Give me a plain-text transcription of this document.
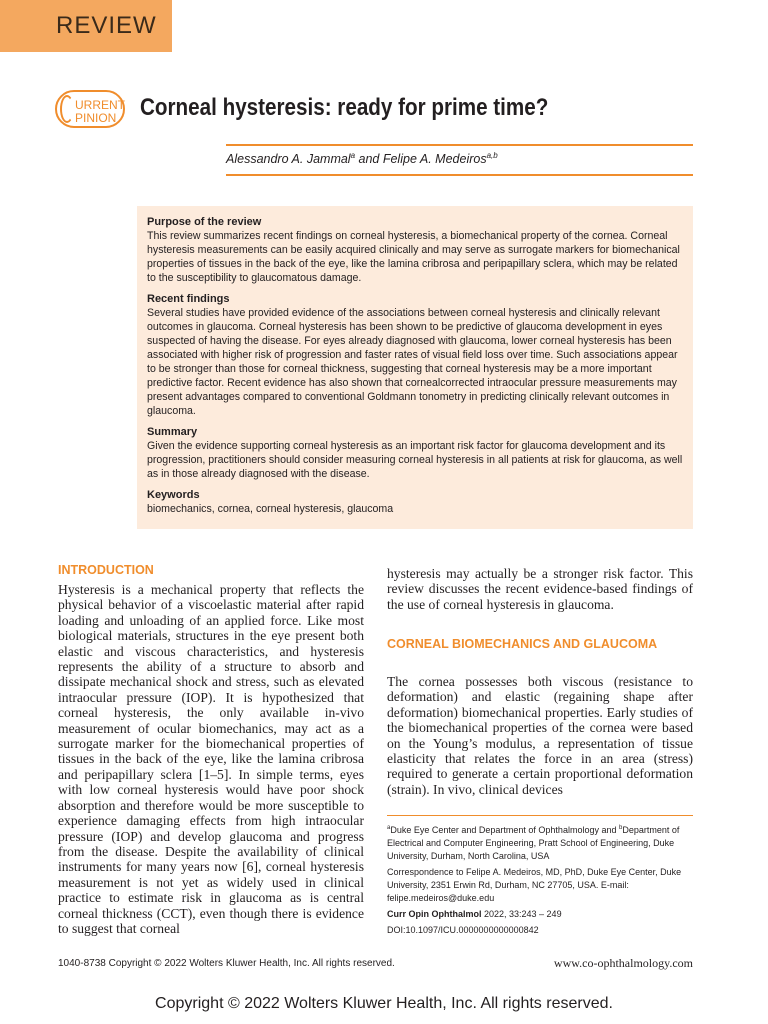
REVIEW
URRENT
PINION Corneal hysteresis: ready for prime time?
Alessandro A. Jammal$^a$ and Felipe A. Medeiros$^{a,b}$
Purpose of the review

This review summarizes recent findings on corneal hysteresis, a biomechanical property of the cornea. Corneal hysteresis measurements can be easily acquired clinically and may serve as surrogate markers for biomechanical properties of tissues in the back of the eye, like the lamina cribrosa and peripapillary sclera, which may be related to the susceptibility to glaucomatous damage.

Recent findings

Several studies have provided evidence of the associations between corneal hysteresis and clinically relevant outcomes in glaucoma. Corneal hysteresis has been shown to be predictive of glaucoma development in eyes suspected of having the disease. For eyes already diagnosed with glaucoma, lower corneal hysteresis has been associated with higher risk of progression and faster rates of visual field loss over time. Such associations appear to be stronger than those for corneal thickness, suggesting that corneal hysteresis may be a more important predictive factor. Recent evidence has also shown that cornealcorrected intraocular pressure measurements may present advantages compared to conventional Goldmann tonometry in predicting clinically relevant outcomes in glaucoma.

Summary

Given the evidence supporting corneal hysteresis as an important risk factor for glaucoma development and its progression, practitioners should consider measuring corneal hysteresis in all patients at risk for glaucoma, as well as in those already diagnosed with the disease.

Keywords

biomechanics, cornea, corneal hysteresis, glaucoma

INTRODUCTION

Hysteresis is a mechanical property that reflects the physical behavior of a viscoelastic material after rapid loading and unloading of an applied force. Like most biological materials, structures in the eye present both elastic and viscous characteristics, and hysteresis represents the ability of a structure to absorb and dissipate mechanical shock and stress, such as elevated intraocular pressure (IOP). It is hypothesized that corneal hysteresis, the only available in-vivo measurement of ocular biomechanics, may act as a surrogate marker for the biomechanical properties of tissues in the back of the eye, like the lamina cribrosa and peripapillary sclera [1–5]. In simple terms, eyes with low corneal hysteresis would have poor shock absorption and therefore would be more susceptible to experience damaging effects from high intraocular pressure (IOP) and develop glaucoma and progress from the disease. Despite the availability of clinical instruments for many years now [6], corneal hysteresis measurement is not yet as widely used in clinical practice to estimate risk in glaucoma as is central corneal thickness (CCT), even though there is evidence to suggest that corneal

hysteresis may actually be a stronger risk factor. This review discusses the recent evidence-based findings of the use of corneal hysteresis in glaucoma.

CORNEAL BIOMECHANICS AND GLAUCOMA

The cornea possesses both viscous (resistance to deformation) and elastic (regaining shape after deformation) biomechanical properties. Early studies of the biomechanical properties of the cornea were based on the Young’s modulus, a representation of tissue elasticity that relates the force in an area (stress) required to generate a certain proportional deformation (strain). In vivo, clinical devices

$^a$Duke Eye Center and Department of Ophthalmology and $^b$Department of Electrical and Computer Engineering, Pratt School of Engineering, Duke University, Durham, North Carolina, USA

Correspondence to Felipe A. Medeiros, MD, PhD, Duke Eye Center, Duke University, 2351 Erwin Rd, Durham, NC 27705, USA. E-mail: felipe.medeiros@duke.edu

Curr Opin Ophthalmol 2022, 33:243 – 249

DOI:10.1097/ICU.0000000000000842

1040-8738 Copyright © 2022 Wolters Kluwer Health, Inc. All rights reserved.	www.co-ophthalmology.com
Copyright © 2022 Wolters Kluwer Health, Inc. All rights reserved.
